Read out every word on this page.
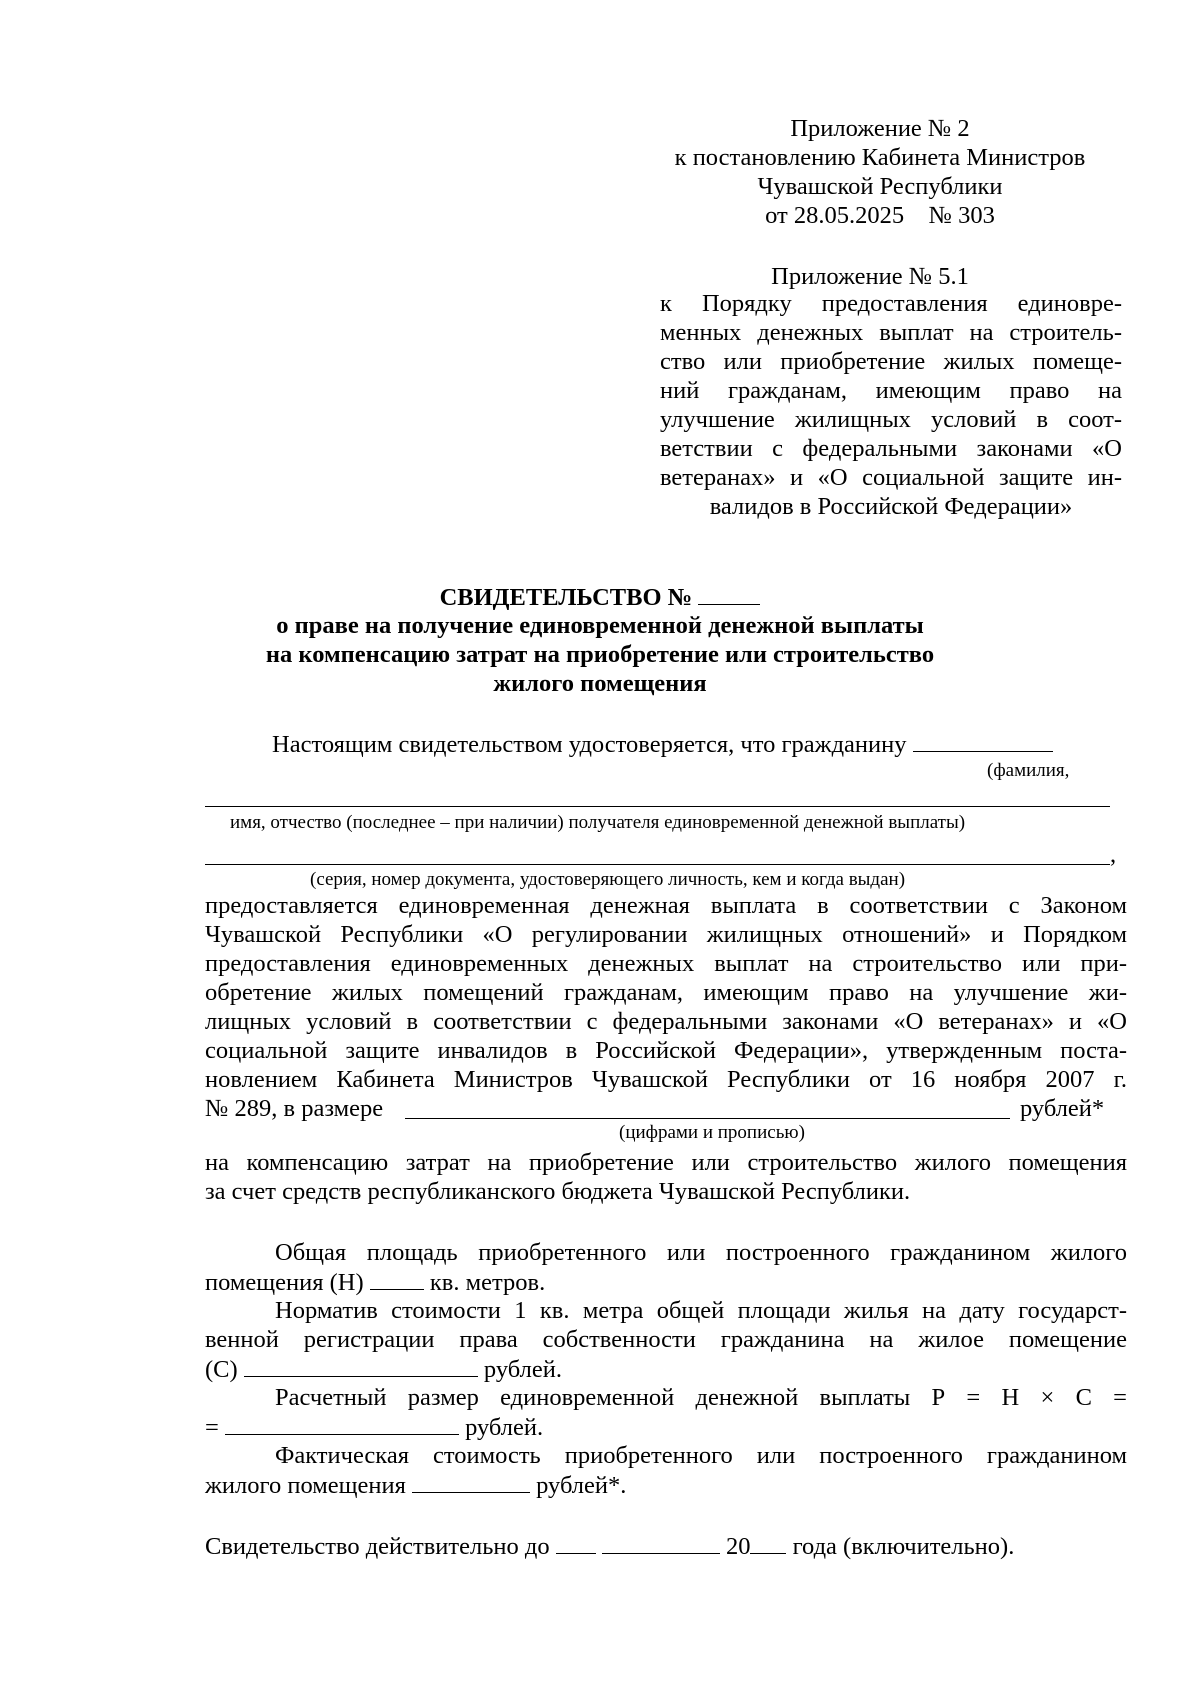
Приложение № 2
к постановлению Кабинета Министров
Чувашской Республики
от 28.05.2025    № 303
Приложение № 5.1
к Порядку предоставления единовре-
менных денежных выплат на строитель-
ство или приобретение жилых помеще-
ний гражданам, имеющим право на
улучшение жилищных условий в соот-
ветствии с федеральными законами «О
ветеранах» и «О социальной защите ин-
валидов в Российской Федерации»
СВИДЕТЕЛЬСТВО №
о праве на получение единовременной денежной выплаты
на компенсацию затрат на приобретение или строительство
жилого помещения
Настоящим свидетельством удостоверяется, что гражданину
(фамилия,
имя, отчество (последнее – при наличии) получателя единовременной денежной выплаты)
,
(серия, номер документа, удостоверяющего личность, кем и когда выдан)
предоставляется единовременная денежная выплата в соответствии с Законом
Чувашской Республики «О регулировании жилищных отношений» и Порядком
предоставления единовременных денежных выплат на строительство или при-
обретение жилых помещений гражданам, имеющим право на улучшение жи-
лищных условий в соответствии с федеральными законами «О ветеранах» и «О
социальной защите инвалидов в Российской Федерации», утвержденным поста-
новлением Кабинета Министров Чувашской Республики от 16 ноября 2007 г.
№ 289, в размере	рублей*
(цифрами и прописью)
на компенсацию затрат на приобретение или строительство жилого помещения
за счет средств республиканского бюджета Чувашской Республики.
Общая площадь приобретенного или построенного гражданином жилого
помещения (Н)	кв. метров.
Норматив стоимости 1 кв. метра общей площади жилья на дату государст-
венной регистрации права собственности гражданина на жилое помещение
(С)	рублей.
Расчетный размер единовременной денежной выплаты Р = Н × С =
=	рублей.
Фактическая стоимость приобретенного или построенного гражданином
жилого помещения	рублей*.
Свидетельство действительно до	20 года (включительно).
